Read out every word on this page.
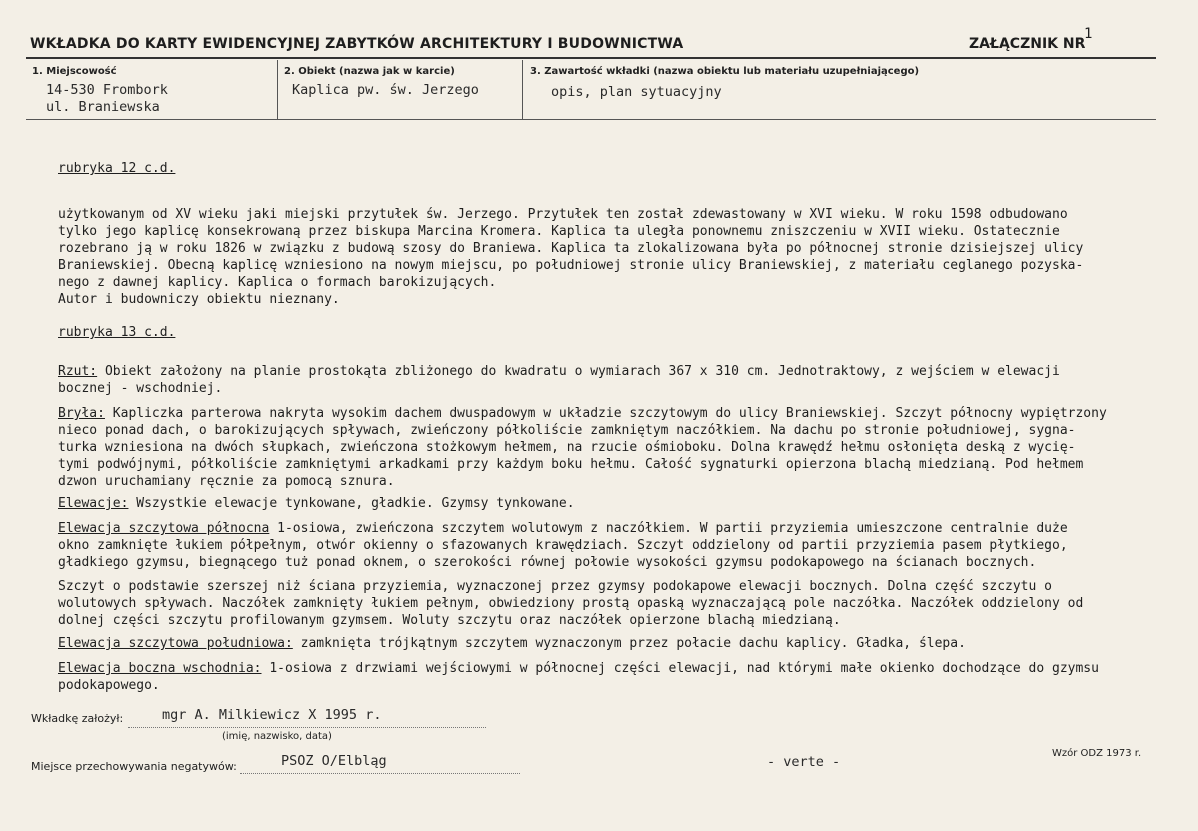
WKŁADKA DO KARTY EWIDENCYJNEJ ZABYTKÓW ARCHITEKTURY I BUDOWNICTWA	ZAŁĄCZNIK NR
1
1. Miejscowość
14-530 Frombork
ul. Braniewska
2. Obiekt (nazwa jak w karcie)
Kaplica pw. św. Jerzego
3. Zawartość wkładki (nazwa obiektu lub materiału uzupełniającego)
opis, plan sytuacyjny
rubryka 12 c.d.
użytkowanym od XV wieku jaki miejski przytułek św. Jerzego. Przytułek ten został zdewastowany w XVI wieku. W roku 1598 odbudowano
tylko jego kaplicę konsekrowaną przez biskupa Marcina Kromera. Kaplica ta uległa ponownemu zniszczeniu w XVII wieku. Ostatecznie
rozebrano ją w roku 1826 w związku z budową szosy do Braniewa. Kaplica ta zlokalizowana była po północnej stronie dzisiejszej ulicy
Braniewskiej. Obecną kaplicę wzniesiono na nowym miejscu, po południowej stronie ulicy Braniewskiej, z materiału ceglanego pozyska-
nego z dawnej kaplicy. Kaplica o formach barokizujących.
Autor i budowniczy obiektu nieznany.
rubryka 13 c.d.
Rzut: Obiekt założony na planie prostokąta zbliżonego do kwadratu o wymiarach 367 x 310 cm. Jednotraktowy, z wejściem w elewacji
bocznej - wschodniej.
Bryła: Kapliczka parterowa nakryta wysokim dachem dwuspadowym w układzie szczytowym do ulicy Braniewskiej. Szczyt północny wypiętrzony
nieco ponad dach, o barokizujących spływach, zwieńczony półkoliście zamkniętym naczółkiem. Na dachu po stronie południowej, sygna-
turka wzniesiona na dwóch słupkach, zwieńczona stożkowym hełmem, na rzucie ośmioboku. Dolna krawędź hełmu osłonięta deską z wycię-
tymi podwójnymi, półkoliście zamkniętymi arkadkami przy każdym boku hełmu. Całość sygnaturki opierzona blachą miedzianą. Pod hełmem
dzwon uruchamiany ręcznie za pomocą sznura.
Elewacje: Wszystkie elewacje tynkowane, gładkie. Gzymsy tynkowane.
Elewacja szczytowa północna 1-osiowa, zwieńczona szczytem wolutowym z naczółkiem. W partii przyziemia umieszczone centralnie duże
okno zamknięte łukiem półpełnym, otwór okienny o sfazowanych krawędziach. Szczyt oddzielony od partii przyziemia pasem płytkiego,
gładkiego gzymsu, biegnącego tuż ponad oknem, o szerokości równej połowie wysokości gzymsu podokapowego na ścianach bocznych.
Szczyt o podstawie szerszej niż ściana przyziemia, wyznaczonej przez gzymsy podokapowe elewacji bocznych. Dolna część szczytu o
wolutowych spływach. Naczółek zamknięty łukiem pełnym, obwiedziony prostą opaską wyznaczającą pole naczółka. Naczółek oddzielony od
dolnej części szczytu profilowanym gzymsem. Woluty szczytu oraz naczółek opierzone blachą miedzianą.
Elewacja szczytowa południowa: zamknięta trójkątnym szczytem wyznaczonym przez połacie dachu kaplicy. Gładka, ślepa.
Elewacja boczna wschodnia: 1-osiowa z drzwiami wejściowymi w północnej części elewacji, nad którymi małe okienko dochodzące do gzymsu
podokapowego.
Wkładkę założył:	mgr A. Milkiewicz X 1995 r.
(imię, nazwisko, data)
Miejsce przechowywania negatywów:	PSOZ O/Elbląg	- verte -
Wzór ODZ 1973 r.
